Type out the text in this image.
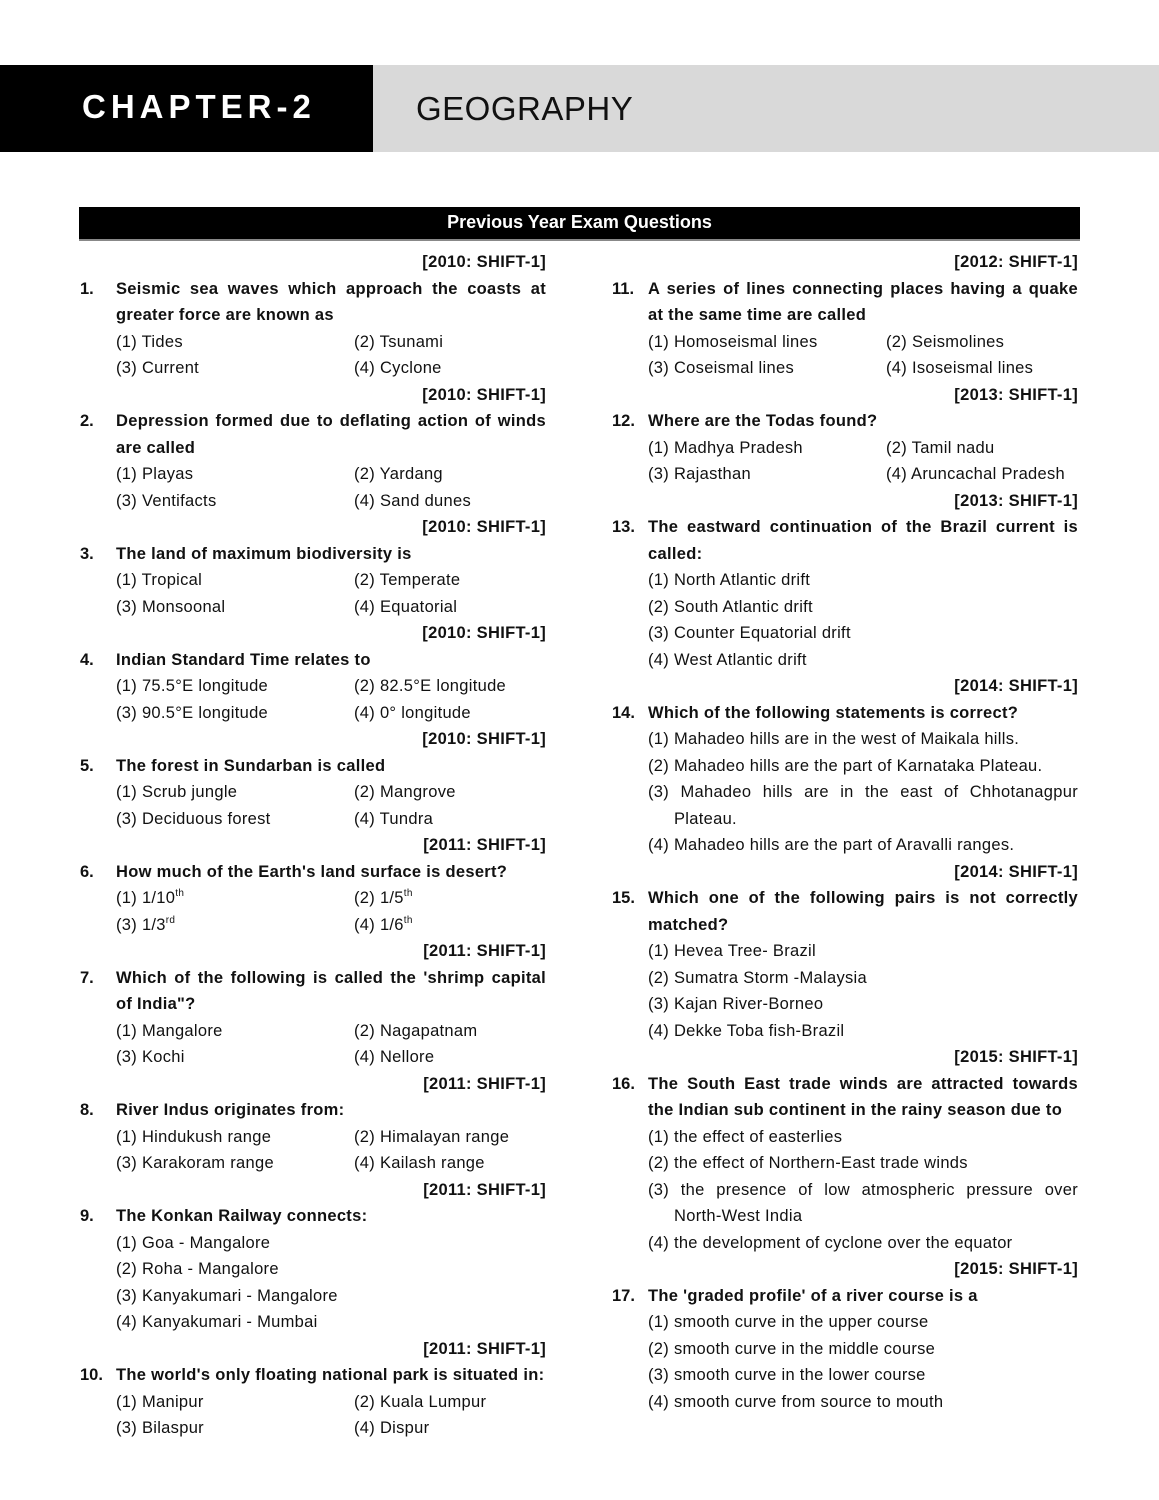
CHAPTER-2	GEOGRAPHY
Previous Year Exam Questions
[2010: SHIFT-1]
1.	Seismic sea waves which approach the coasts at greater force are known as
(1) Tides	(2) Tsunami
(3) Current	(4) Cyclone
[2010: SHIFT-1]
2.	Depression formed due to deflating action of winds are called
(1) Playas	(2) Yardang
(3) Ventifacts	(4) Sand dunes
[2010: SHIFT-1]
3.	The land of maximum biodiversity is
(1) Tropical	(2) Temperate
(3) Monsoonal	(4) Equatorial
[2010: SHIFT-1]
4.	Indian Standard Time relates to
(1) 75.5°E longitude	(2) 82.5°E longitude
(3) 90.5°E longitude	(4) 0° longitude
[2010: SHIFT-1]
5.	The forest in Sundarban is called
(1) Scrub jungle	(2) Mangrove
(3) Deciduous forest	(4) Tundra
[2011: SHIFT-1]
6.	How much of the Earth's land surface is desert?
(1) 1/10th	(2) 1/5th
(3) 1/3rd	(4) 1/6th
[2011: SHIFT-1]
7.	Which of the following is called the 'shrimp capital of India"?
(1) Mangalore	(2) Nagapatnam
(3) Kochi	(4) Nellore
[2011: SHIFT-1]
8.	River Indus originates from:
(1) Hindukush range	(2) Himalayan range
(3) Karakoram range	(4) Kailash range
[2011: SHIFT-1]
9.	The Konkan Railway connects:
(1) Goa - Mangalore
(2) Roha - Mangalore
(3) Kanyakumari - Mangalore
(4) Kanyakumari - Mumbai
[2011: SHIFT-1]
10. The world's only floating national park is situated in:
(1) Manipur	(2) Kuala Lumpur
(3) Bilaspur	(4) Dispur
[2012: SHIFT-1]
11. A series of lines connecting places having a quake at the same time are called
(1) Homoseismal lines	(2) Seismolines
(3) Coseismal lines	(4) Isoseismal lines
[2013: SHIFT-1]
12. Where are the Todas found?
(1) Madhya Pradesh	(2) Tamil nadu
(3) Rajasthan	(4) Aruncachal Pradesh
[2013: SHIFT-1]
13. The eastward continuation of the Brazil current is called:
(1) North Atlantic drift
(2) South Atlantic drift
(3) Counter Equatorial drift
(4) West Atlantic drift
[2014: SHIFT-1]
14. Which of the following statements is correct?
(1) Mahadeo hills are in the west of Maikala hills.
(2) Mahadeo hills are the part of Karnataka Plateau.
(3) Mahadeo hills are in the east of Chhotanagpur Plateau.
(4) Mahadeo hills are the part of Aravalli ranges.
[2014: SHIFT-1]
15. Which one of the following pairs is not correctly matched?
(1) Hevea Tree- Brazil
(2) Sumatra Storm -Malaysia
(3) Kajan River-Borneo
(4) Dekke Toba fish-Brazil
[2015: SHIFT-1]
16. The South East trade winds are attracted towards the Indian sub continent in the rainy season due to
(1) the effect of easterlies
(2) the effect of Northern-East trade winds
(3) the presence of low atmospheric pressure over North-West India
(4) the development of cyclone over the equator
[2015: SHIFT-1]
17. The 'graded profile' of a river course is a
(1) smooth curve in the upper course
(2) smooth curve in the middle course
(3) smooth curve in the lower course
(4) smooth curve from source to mouth
